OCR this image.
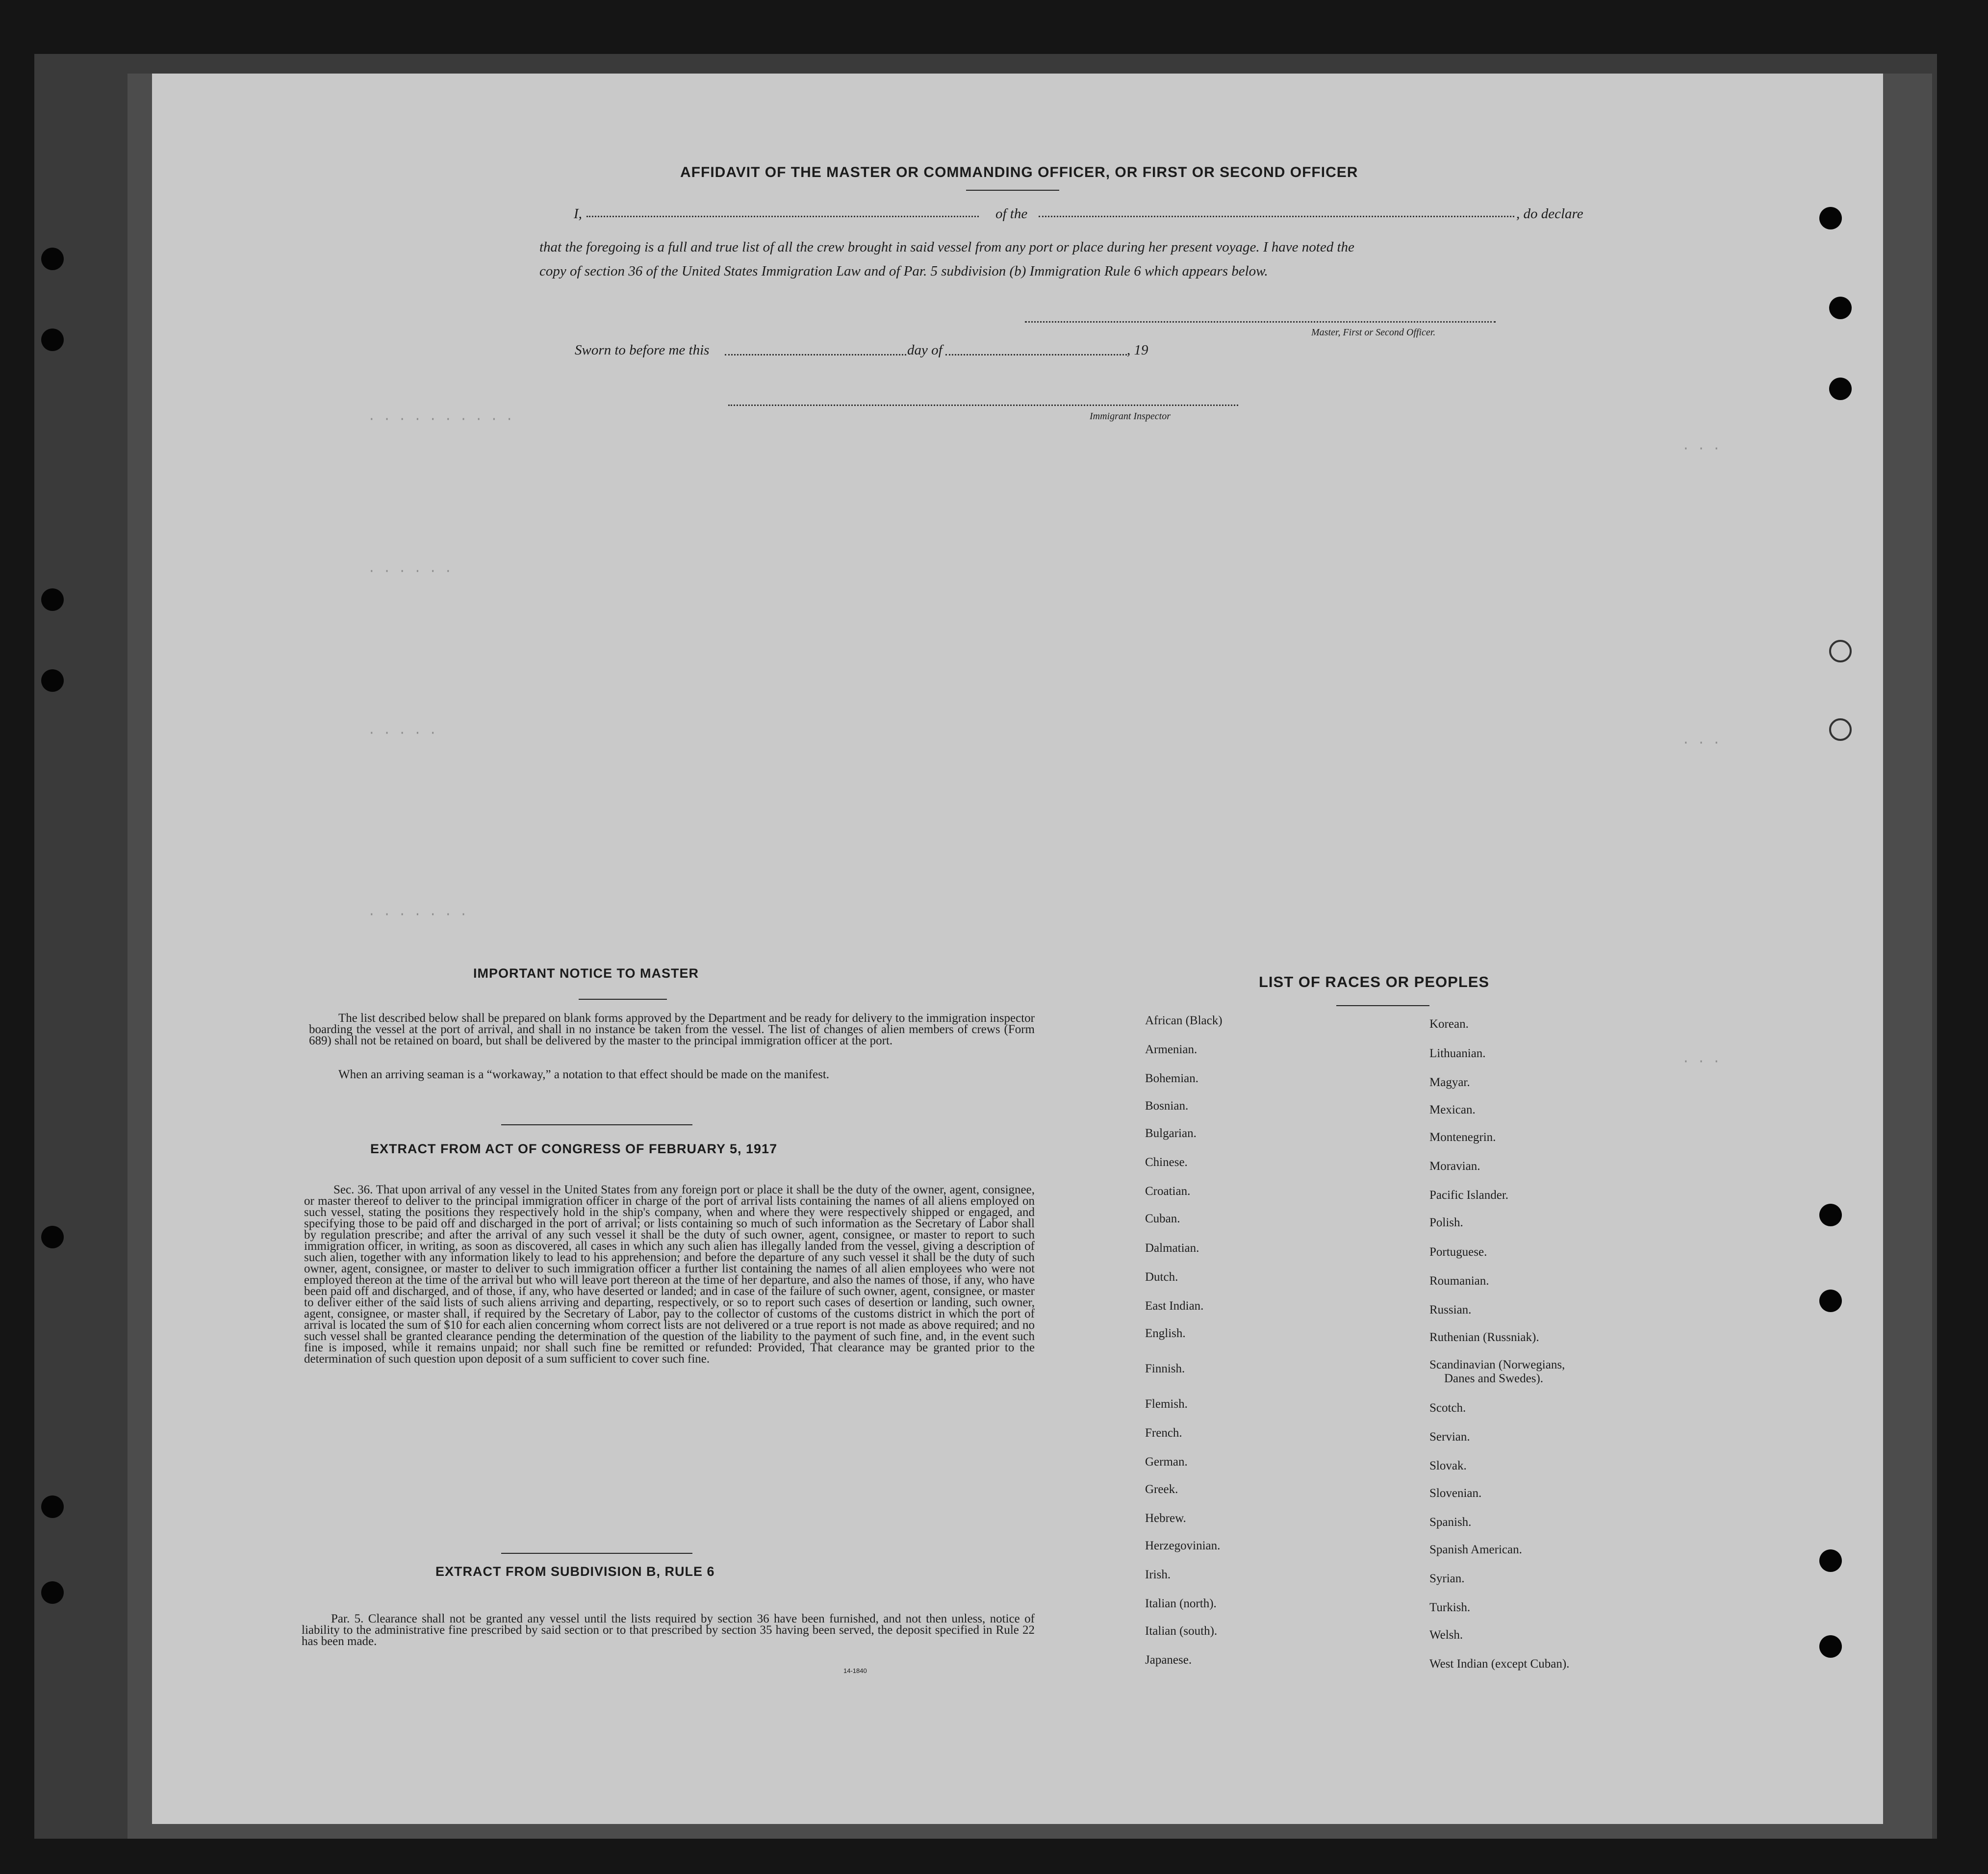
· · · · · · · · · ·
· · · · · ·
· · · · ·
· · · · · · ·
· · ·
· · ·
· · ·
AFFIDAVIT OF THE MASTER OR COMMANDING OFFICER, OR FIRST OR SECOND OFFICER
I,	of the	, do declare
that the foregoing is a full and true list of all the crew brought in said vessel from any port or place during her present voyage. I have noted the
copy of section 36 of the United States Immigration Law and of Par. 5 subdivision (b) Immigration Rule 6 which appears below.
Master, First or Second Officer.
Sworn to before me this	day of	, 19
Immigrant Inspector
IMPORTANT NOTICE TO MASTER
The list described below shall be prepared on blank forms approved by the Department and be ready for delivery to the immigration inspector boarding the vessel at the port of arrival, and shall in no instance be taken from the vessel. The list of changes of alien members of crews (Form 689) shall not be retained on board, but shall be delivered by the master to the principal immigration officer at the port.
When an arriving seaman is a “workaway,” a notation to that effect should be made on the manifest.
EXTRACT FROM ACT OF CONGRESS OF FEBRUARY 5, 1917
Sec. 36. That upon arrival of any vessel in the United States from any foreign port or place it shall be the duty of the owner, agent, consignee, or master thereof to deliver to the principal immigration officer in charge of the port of arrival lists containing the names of all aliens employed on such vessel, stating the positions they respectively hold in the ship's company, when and where they were respectively shipped or engaged, and specifying those to be paid off and discharged in the port of arrival; or lists containing so much of such information as the Secretary of Labor shall by regulation prescribe; and after the arrival of any such vessel it shall be the duty of such owner, agent, consignee, or master to report to such immigration officer, in writing, as soon as discovered, all cases in which any such alien has illegally landed from the vessel, giving a description of such alien, together with any information likely to lead to his apprehension; and before the departure of any such vessel it shall be the duty of such owner, agent, consignee, or master to deliver to such immigration officer a further list containing the names of all alien employees who were not employed thereon at the time of the arrival but who will leave port thereon at the time of her departure, and also the names of those, if any, who have been paid off and discharged, and of those, if any, who have deserted or landed; and in case of the failure of such owner, agent, consignee, or master to deliver either of the said lists of such aliens arriving and departing, respectively, or so to report such cases of desertion or landing, such owner, agent, consignee, or master shall, if required by the Secretary of Labor, pay to the collector of customs of the customs district in which the port of arrival is located the sum of $10 for each alien concerning whom correct lists are not delivered or a true report is not made as above required; and no such vessel shall be granted clearance pending the determination of the question of the liability to the payment of such fine, and, in the event such fine is imposed, while it remains unpaid; nor shall such fine be remitted or refunded: Provided, That clearance may be granted prior to the determination of such question upon deposit of a sum sufficient to cover such fine.
EXTRACT FROM SUBDIVISION B, RULE 6
Par. 5. Clearance shall not be granted any vessel until the lists required by section 36 have been furnished, and not then unless, notice of liability to the administrative fine prescribed by said section or to that prescribed by section 35 having been served, the deposit specified in Rule 22 has been made.
14-1840
LIST OF RACES OR PEOPLES
African (Black)
Armenian.
Bohemian.
Bosnian.
Bulgarian.
Chinese.
Croatian.
Cuban.
Dalmatian.
Dutch.
East Indian.
English.
Finnish.
Flemish.
French.
German.
Greek.
Hebrew.
Herzegovinian.
Irish.
Italian (north).
Italian (south).
Japanese.
Korean.
Lithuanian.
Magyar.
Mexican.
Montenegrin.
Moravian.
Pacific Islander.
Polish.
Portuguese.
Roumanian.
Russian.
Ruthenian (Russniak).
Scandinavian (Norwegians,
Danes and Swedes).
Scotch.
Servian.
Slovak.
Slovenian.
Spanish.
Spanish American.
Syrian.
Turkish.
Welsh.
West Indian (except Cuban).
